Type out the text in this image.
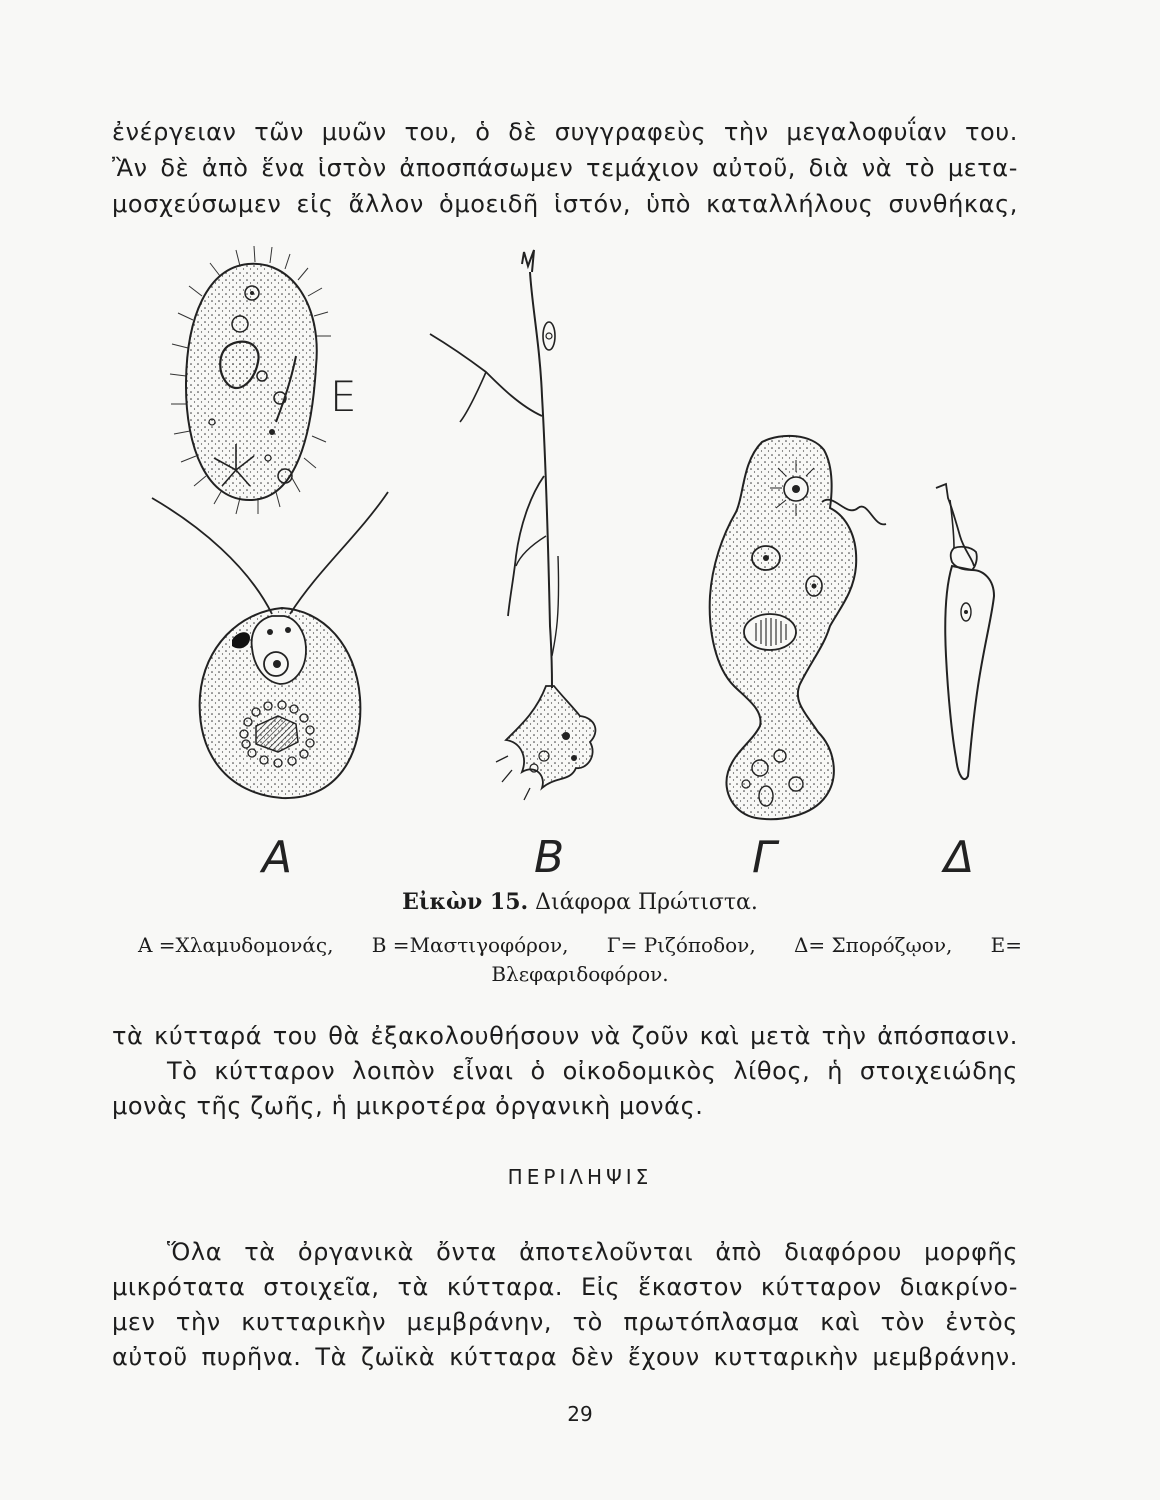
ἐνέργειαν τῶν μυῶν του, ὁ δὲ συγγραφεὺς τὴν μεγαλοφυΐαν του.
Ἂν δὲ ἀπὸ ἕνα ἱστὸν ἀποσπάσωμεν τεμάχιον αὐτοῦ, διὰ νὰ τὸ μετα-
μοσχεύσωμεν εἰς ἄλλον ὁμοειδῆ ἱστόν, ὑπὸ καταλλήλους συνθήκας,
E
Α	Β	Γ	Δ
Εἰκὼν 15. Διάφορα Πρώτιστα.
Α =Χλαμυδομονάς, Β =Μαστιγοφόρον, Γ= Ριζόποδον, Δ= Σπορόζῳον, Ε=
Βλεφαριδοφόρον.
τὰ κύτταρά του θὰ ἐξακολουθήσουν νὰ ζοῦν καὶ μετὰ τὴν ἀπόσπασιν.
Τὸ κύτταρον λοιπὸν εἶναι ὁ οἰκοδομικὸς λίθος, ἡ στοιχειώδης
μονὰς τῆς ζωῆς, ἡ μικροτέρα ὀργανικὴ μονάς.
ΠΕΡΙΛΗΨΙΣ
Ὅλα τὰ ὀργανικὰ ὄντα ἀποτελοῦνται ἀπὸ διαφόρου μορφῆς
μικρότατα στοιχεῖα, τὰ κύτταρα. Εἰς ἕκαστον κύτταρον διακρίνο-
μεν τὴν κυτταρικὴν μεμβράνην, τὸ πρωτόπλασμα καὶ τὸν ἐντὸς
αὐτοῦ πυρῆνα. Τὰ ζωϊκὰ κύτταρα δὲν ἔχουν κυτταρικὴν μεμβράνην.
29
